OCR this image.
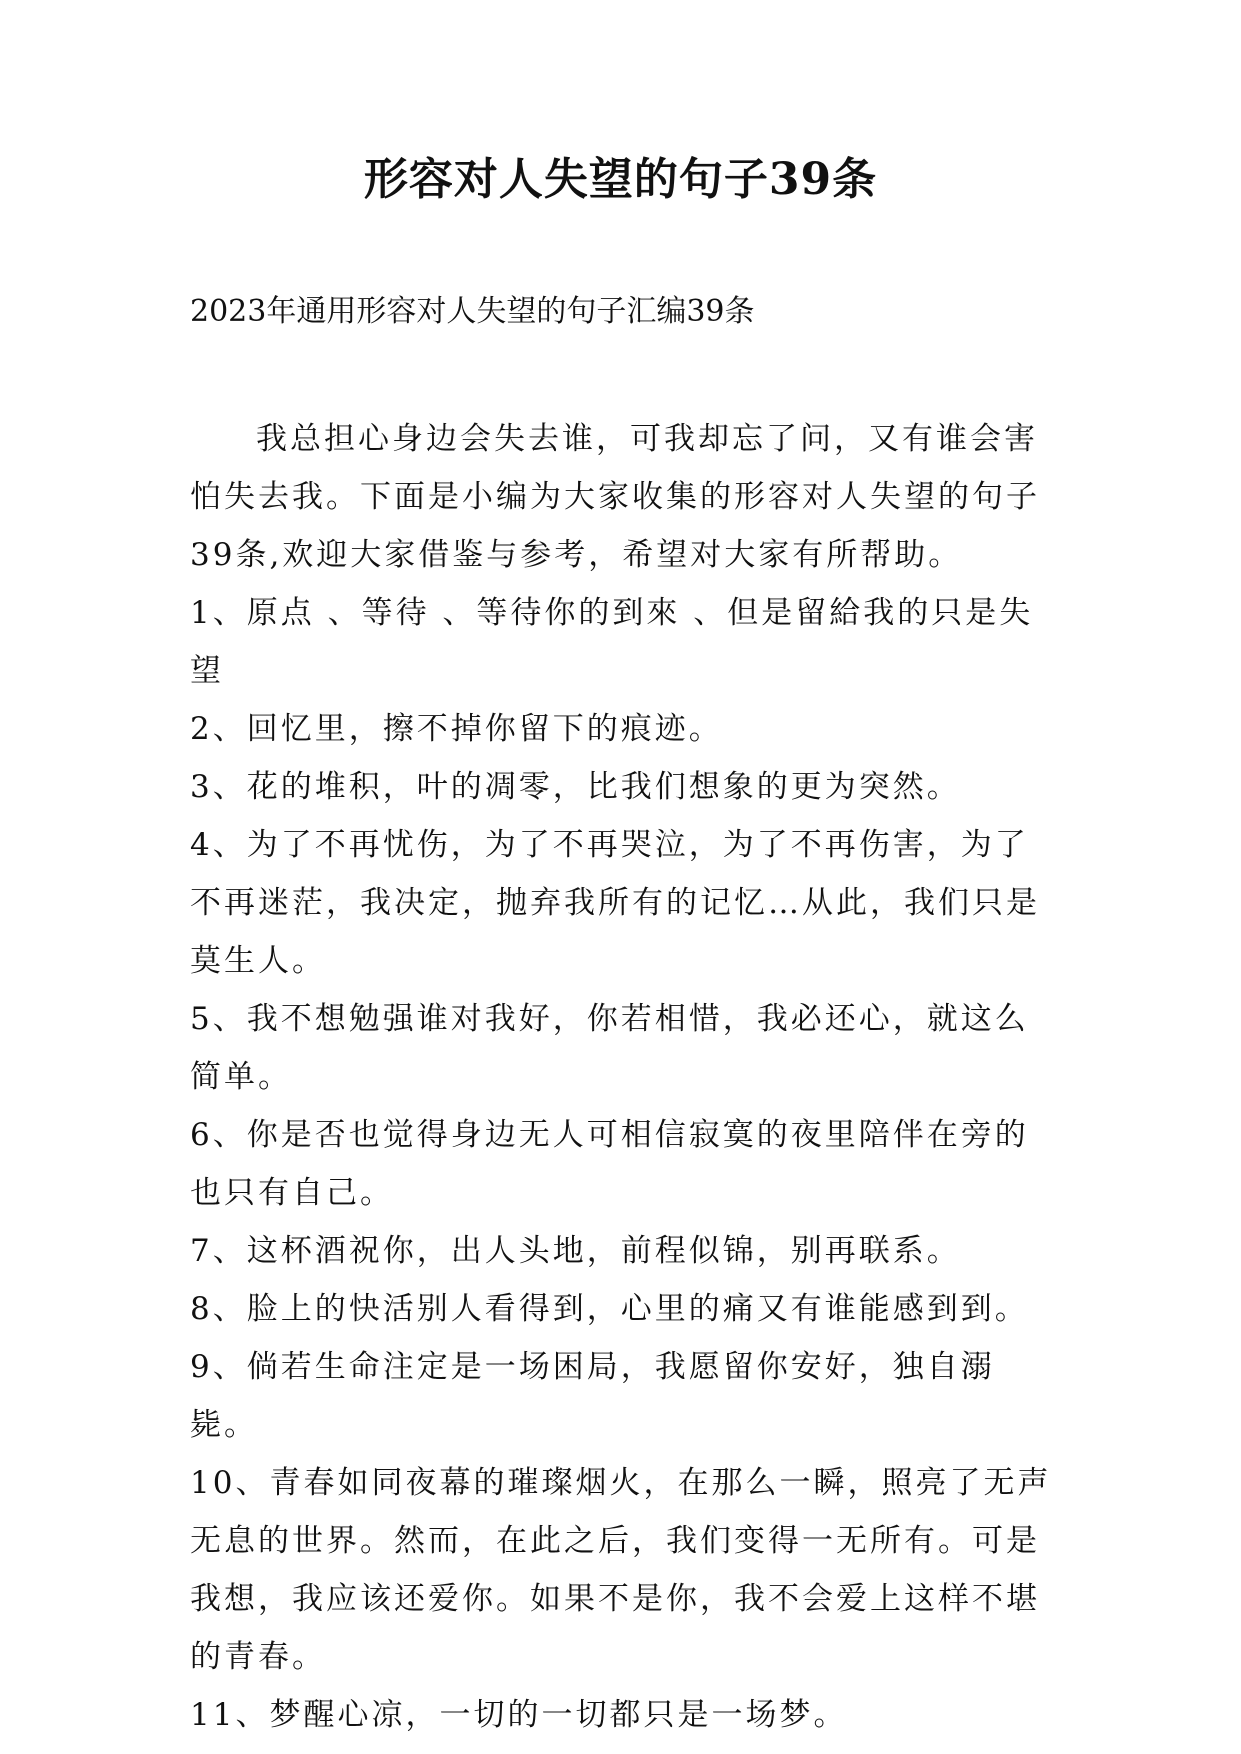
形容对人失望的句子39条

2023年通用形容对人失望的句子汇编39条

我总担心身边会失去谁，可我却忘了问，又有谁会害怕失去我。下面是小编为大家收集的形容对人失望的句子39条,欢迎大家借鉴与参考，希望对大家有所帮助。

1、原点 、等待 、等待你的到來 、但是留給我的只是失望

2、回忆里，擦不掉你留下的痕迹。

3、花的堆积，叶的凋零，比我们想象的更为突然。

4、为了不再忧伤，为了不再哭泣，为了不再伤害，为了不再迷茫，我决定，抛弃我所有的记忆…从此，我们只是莫生人。

5、我不想勉强谁对我好，你若相惜，我必还心，就这么简单。

6、你是否也觉得身边无人可相信寂寞的夜里陪伴在旁的也只有自己。

7、这杯酒祝你，出人头地，前程似锦，别再联系。

8、脸上的快活别人看得到，心里的痛又有谁能感到到。

9、倘若生命注定是一场困局，我愿留你安好，独自溺毙。

10、青春如同夜幕的璀璨烟火，在那么一瞬，照亮了无声无息的世界。然而，在此之后，我们变得一无所有。可是我想，我应该还爱你。如果不是你，我不会爱上这样不堪的青春。

11、梦醒心凉，一切的一切都只是一场梦。
